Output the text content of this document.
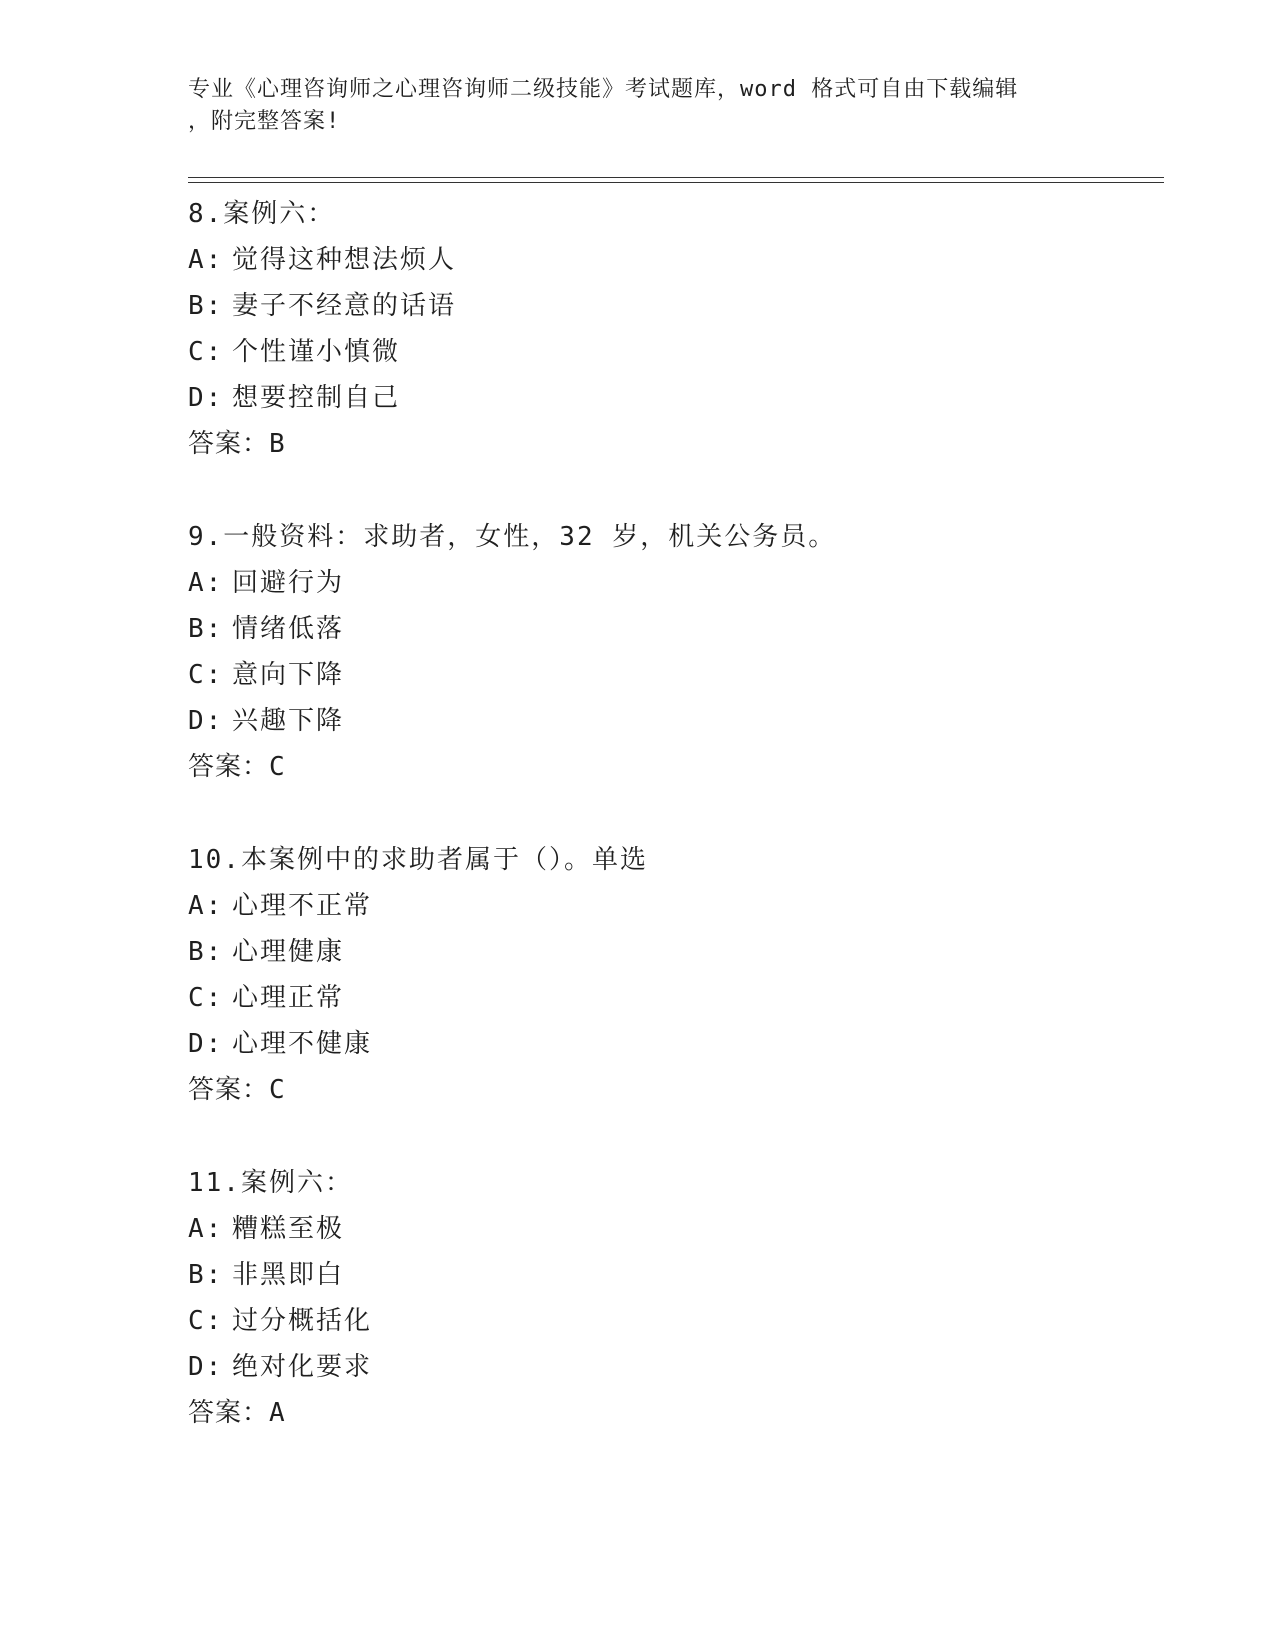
专业《心理咨询师之心理咨询师二级技能》考试题库，word 格式可自由下载编辑
，附完整答案!
8.案例六：
A: 觉得这种想法烦人
B: 妻子不经意的话语
C: 个性谨小慎微
D: 想要控制自己
答案：B
9.一般资料：求助者，女性，32 岁，机关公务员。
A: 回避行为
B: 情绪低落
C: 意向下降
D: 兴趣下降
答案：C
10.本案例中的求助者属于（）。单选
A: 心理不正常
B: 心理健康
C: 心理正常
D: 心理不健康
答案：C
11.案例六：
A: 糟糕至极
B: 非黑即白
C: 过分概括化
D: 绝对化要求
答案：A
